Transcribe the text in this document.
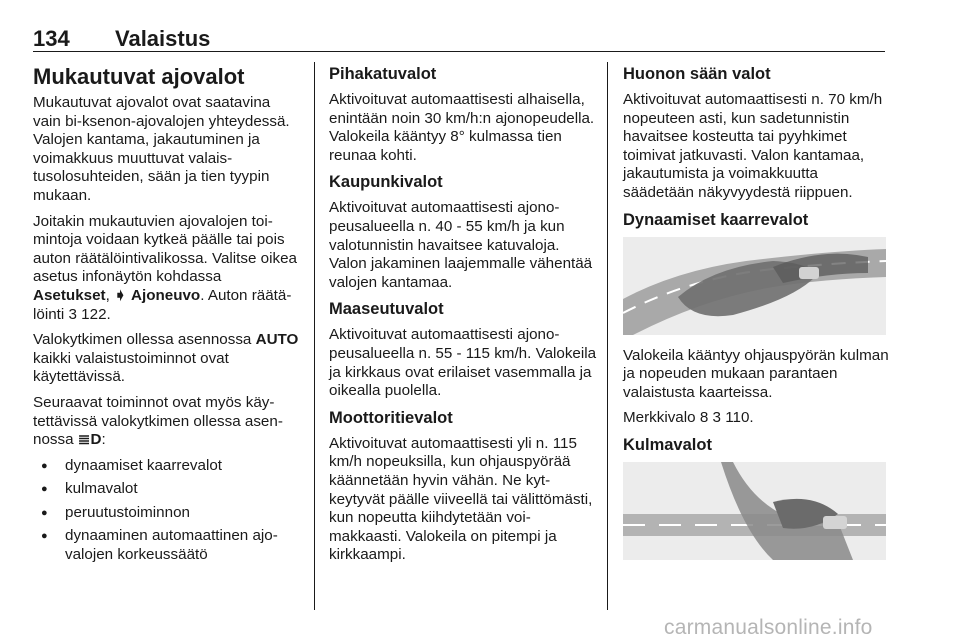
134 Valaistus
Mukautuvat ajovalot
Mukautuvat ajovalot ovat saatavina vain bi-ksenon-ajovalojen yhteydessä. Valojen kantama, jakautuminen ja voimakkuus muuttuvat valaistusolosuhteiden, sään ja tien tyypin mukaan.
Joitakin mukautuvien ajovalojen toimintoja voidaan kytkeä päälle tai pois auton räätälöintivalikossa. Valitse oikea asetus infonäytön kohdassa Asetukset, ➧ Ajoneuvo. Auton räätälöinti 3 122.
Valokytkimen ollessa asennossa AUTO kaikki valaistustoiminnot ovat käytettävissä.
Seuraavat toiminnot ovat myös käytettävissä valokytkimen ollessa asennossa ≣D:
● dynaamiset kaarrevalot
● kulmavalot
● peruutustoiminnon
● dynaaminen automaattinen ajovalojen korkeussäätö
Pihakatuvalot
Aktivoituvat automaattisesti alhaisella, enintään noin 30 km/h:n ajonopeudella. Valokeila kääntyy 8° kulmassa tien reunaa kohti.
Kaupunkivalot
Aktivoituvat automaattisesti ajonopeusalueella n. 40 - 55 km/h ja kun valotunnistin havaitsee katuvaloja. Valon jakaminen laajemmalle vähentää valojen kantamaa.
Maaseutuvalot
Aktivoituvat automaattisesti ajonopeusalueella n. 55 - 115 km/h. Valokeila ja kirkkaus ovat erilaiset vasemmalla ja oikealla puolella.
Moottoritievalot
Aktivoituvat automaattisesti yli n. 115 km/h nopeuksilla, kun ohjauspyörää käännetään hyvin vähän. Ne kytkeytyvät päälle viiveellä tai välittömästi, kun nopeutta kiihdytetään voimakkaasti. Valokeila on pitempi ja kirkkaampi.
Huonon sään valot
Aktivoituvat automaattisesti n. 70 km/h nopeuteen asti, kun sadetunnistin havaitsee kosteutta tai pyyhkimet toimivat jatkuvasti. Valon kantamaa, jakautumista ja voimakkuutta säädetään näkyvyydestä riippuen.
Dynaamiset kaarrevalot
Valokeila kääntyy ohjauspyörän kulman ja nopeuden mukaan parantaen valaistusta kaarteissa.
Merkkivalo 8 3 110.
Kulmavalot
carmanualsonline.info
